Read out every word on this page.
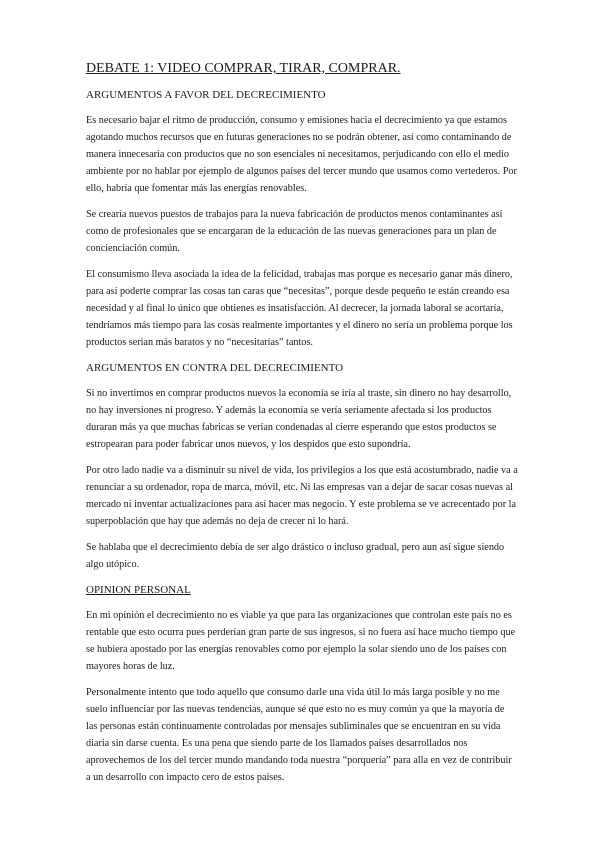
DEBATE 1: VIDEO COMPRAR, TIRAR, COMPRAR.
ARGUMENTOS A FAVOR DEL DECRECIMIENTO

Es necesario bajar el ritmo de producción, consumo y emisiones hacia el decrecimiento ya que estamos agotando muchos recursos que en futuras generaciones no se podrán obtener, así como contaminando de manera innecesaria con productos que no son esenciales ni necesitamos, perjudicando con ello el medio ambiente por no hablar por ejemplo de algunos países del tercer mundo que usamos como vertederos. Por ello, habría que fomentar más las energías renovables.

Se crearía nuevos puestos de trabajos para la nueva fabricación de productos menos contaminantes así como de profesionales que se encargaran de la educación de las nuevas generaciones para un plan de concienciación común.

El consumismo lleva asociada la idea de la felicidad, trabajas mas porque es necesario ganar más dinero, para así poderte comprar las cosas tan caras que “necesitas”, porque desde pequeño te están creando esa necesidad y al final lo único que obtienes es insatisfacción. Al decrecer, la jornada laboral se acortaría, tendríamos más tiempo para las cosas realmente importantes y el dinero no sería un problema porque los productos serian más baratos y no “necesitarías” tantos.

ARGUMENTOS EN CONTRA DEL DECRECIMIENTO

Si no invertimos en comprar productos nuevos la economía se iría al traste, sin dinero no hay desarrollo, no hay inversiones ni progreso. Y además la economía se vería seriamente afectada si los productos duraran más ya que muchas fabricas se verían condenadas al cierre esperando que estos productos se estropearan para poder fabricar unos nuevos, y los despidos que esto supondría.

Por otro lado nadie va a disminuir su nivel de vida, los privilegios a los que está acostumbrado, nadie va a renunciar a su ordenador, ropa de marca, móvil, etc. Ni las empresas van a dejar de sacar cosas nuevas al mercado ni inventar actualizaciones para así hacer mas negocio. Y este problema se ve acrecentado por la superpoblación que hay que además no deja de crecer ni lo hará.

Se hablaba que el decrecimiento debía de ser algo drástico o incluso gradual, pero aun así sigue siendo algo utópico.

OPINION PERSONAL

En mi opinión el decrecimiento no es viable ya que para las organizaciones que controlan este país no es rentable que esto ocurra pues perderían gran parte de sus ingresos, si no fuera así hace mucho tiempo que se hubiera apostado por las energías renovables como por ejemplo la solar siendo uno de los países con mayores horas de luz.

Personalmente intento que todo aquello que consumo darle una vida útil lo más larga posible y no me suelo influenciar por las nuevas tendencias, aunque sé que esto no es muy común ya que la mayoría de las personas están continuamente controladas por mensajes subliminales que se encuentran en su vida diaria sin darse cuenta. Es una pena que siendo parte de los llamados países desarrollados nos aprovechemos de los del tercer mundo mandando toda nuestra “porquería” para alla en vez de contribuir a un desarrollo con impacto cero de estos países.
